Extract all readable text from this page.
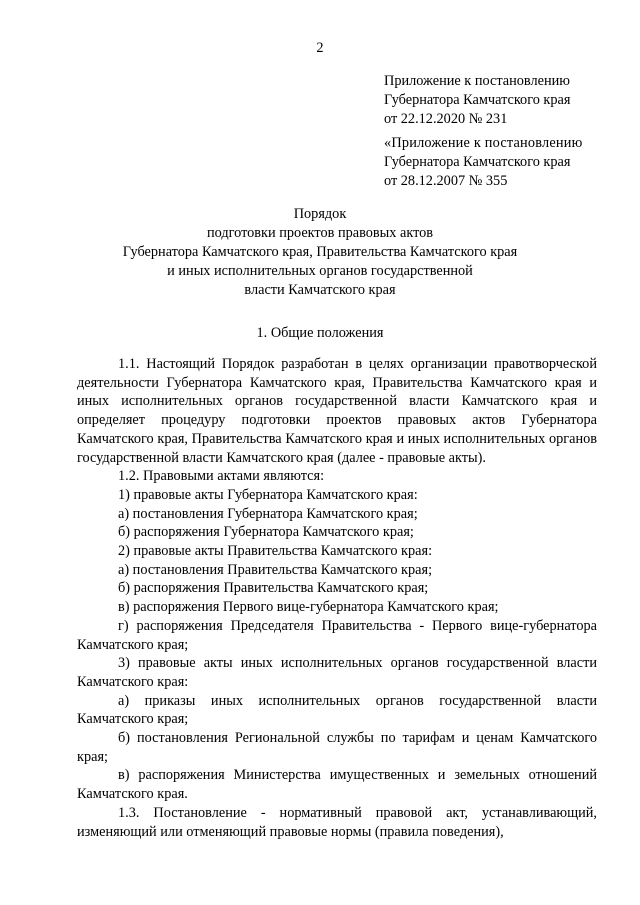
2
Приложение к постановлению
Губернатора Камчатского края
от 22.12.2020 № 231
«Приложение к постановлению
Губернатора Камчатского края
от 28.12.2007 № 355
Порядок
подготовки проектов правовых актов
Губернатора Камчатского края, Правительства Камчатского края
и иных исполнительных органов государственной
власти Камчатского края
1. Общие положения

1.1. Настоящий Порядок разработан в целях организации правотворческой деятельности Губернатора Камчатского края, Правительства Камчатского края и иных исполнительных органов государственной власти Камчатского края и определяет процедуру подготовки проектов правовых актов Губернатора Камчатского края, Правительства Камчатского края и иных исполнительных органов государственной власти Камчатского края (далее - правовые акты).

1.2. Правовыми актами являются:

1) правовые акты Губернатора Камчатского края:

а) постановления Губернатора Камчатского края;

б) распоряжения Губернатора Камчатского края;

2) правовые акты Правительства Камчатского края:

а) постановления Правительства Камчатского края;

б) распоряжения Правительства Камчатского края;

в) распоряжения Первого вице-губернатора Камчатского края;

г) распоряжения Председателя Правительства - Первого вице-губернатора Камчатского края;

3) правовые акты иных исполнительных органов государственной власти Камчатского края:

а) приказы иных исполнительных органов государственной власти Камчатского края;

б) постановления Региональной службы по тарифам и ценам Камчатского края;

в) распоряжения Министерства имущественных и земельных отношений Камчатского края.

1.3. Постановление - нормативный правовой акт, устанавливающий, изменяющий или отменяющий правовые нормы (правила поведения),
